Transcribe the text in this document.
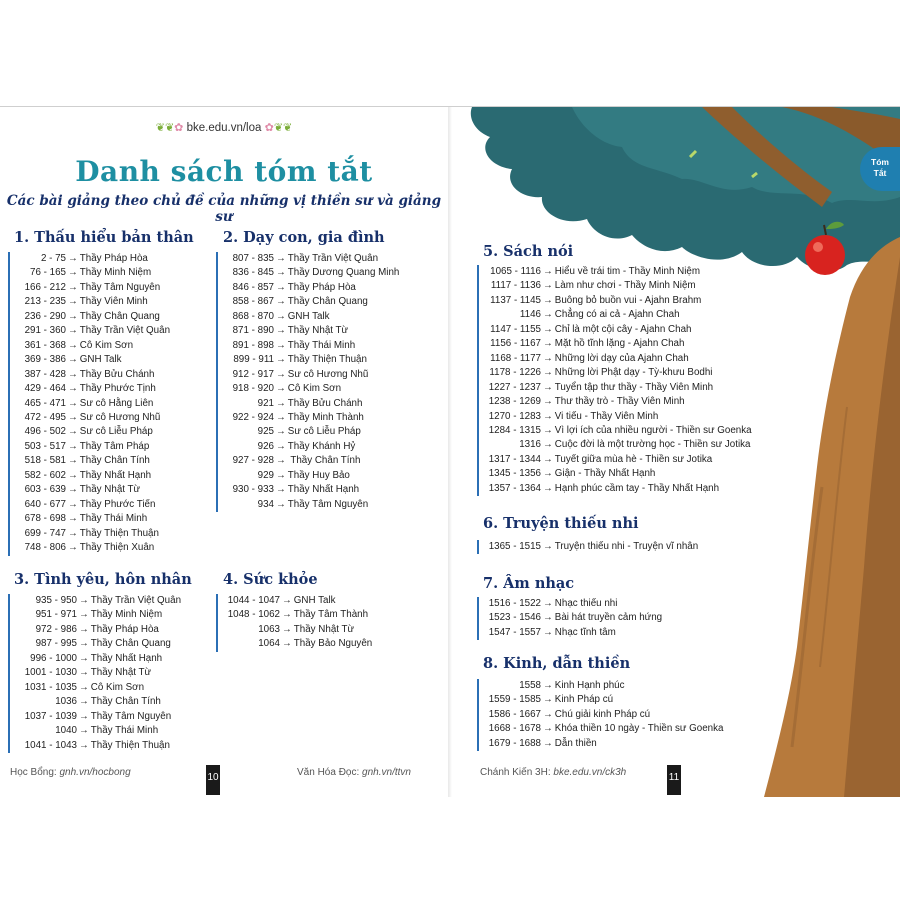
❦❦✿ bke.edu.vn/loa ✿❦❦
Danh sách tóm tắt
Các bài giảng theo chủ đề của những vị thiền sư và giảng sư
1. Thấu hiểu bản thân
2 - 75 → Thầy Pháp Hòa
76 - 165 → Thầy Minh Niệm
166 - 212 → Thầy Tâm Nguyên
213 - 235 → Thầy Viên Minh
236 - 290 → Thầy Chân Quang
291 - 360 → Thầy Trần Việt Quân
361 - 368 → Cô Kim Sơn
369 - 386 → GNH Talk
387 - 428 → Thầy Bửu Chánh
429 - 464 → Thầy Phước Tịnh
465 - 471 → Sư cô Hằng Liên
472 - 495 → Sư cô Hương Nhũ
496 - 502 → Sư cô Liễu Pháp
503 - 517 → Thầy Tâm Pháp
518 - 581 → Thầy Chân Tính
582 - 602 → Thầy Nhất Hạnh
603 - 639 → Thầy Nhật Từ
640 - 677 → Thầy Phước Tiến
678 - 698 → Thầy Thái Minh
699 - 747 → Thầy Thiện Thuận
748 - 806 → Thầy Thiện Xuân
2. Dạy con, gia đình
807 - 835 → Thầy Trần Việt Quân
836 - 845 → Thầy Dương Quang Minh
846 - 857 → Thầy Pháp Hòa
858 - 867 → Thầy Chân Quang
868 - 870 → GNH Talk
871 - 890 → Thầy Nhật Từ
891 - 898 → Thầy Thái Minh
899 - 911 → Thầy Thiện Thuận
912 - 917 → Sư cô Hương Nhũ
918 - 920 → Cô Kim Sơn
921 → Thầy Bửu Chánh
922 - 924 → Thầy Minh Thành
925 → Sư cô Liễu Pháp
926 → Thầy Khánh Hỷ
927 - 928 → Thầy Chân Tính
929 → Thầy Huy Bảo
930 - 933 → Thầy Nhất Hạnh
934 → Thầy Tâm Nguyên
3. Tình yêu, hôn nhân
935 - 950 → Thầy Trần Việt Quân
951 - 971 → Thầy Minh Niệm
972 - 986 → Thầy Pháp Hòa
987 - 995 → Thầy Chân Quang
996 - 1000 → Thầy Nhất Hạnh
1001 - 1030 → Thầy Nhật Từ
1031 - 1035 → Cô Kim Sơn
1036 → Thầy Chân Tính
1037 - 1039 → Thầy Tâm Nguyên
1040 → Thầy Thái Minh
1041 - 1043 → Thầy Thiện Thuận
4. Sức khỏe
1044 - 1047 → GNH Talk
1048 - 1062 → Thầy Tâm Thành
1063 → Thầy Nhật Từ
1064 → Thầy Bảo Nguyên
Học Bổng: gnh.vn/hocbong	10	Văn Hóa Đọc: gnh.vn/ttvn
Tóm
Tắt
5. Sách nói
1065 - 1116 → Hiểu về trái tim - Thầy Minh Niệm
1117 - 1136 → Làm như chơi - Thầy Minh Niệm
1137 - 1145 → Buông bỏ buồn vui - Ajahn Brahm
1146 → Chẳng có ai cả - Ajahn Chah
1147 - 1155 → Chỉ là một cội cây - Ajahn Chah
1156 - 1167 → Mặt hồ tĩnh lặng - Ajahn Chah
1168 - 1177 → Những lời dạy của Ajahn Chah
1178 - 1226 → Những lời Phật dạy - Tỳ-khưu Bodhi
1227 - 1237 → Tuyển tập thư thầy - Thầy Viên Minh
1238 - 1269 → Thư thầy trò - Thầy Viên Minh
1270 - 1283 → Vi tiếu - Thầy Viên Minh
1284 - 1315 → Vì lợi ích của nhiều người - Thiền sư Goenka
1316 → Cuộc đời là một trường học - Thiền sư Jotika
1317 - 1344 → Tuyết giữa mùa hè - Thiền sư Jotika
1345 - 1356 → Giận - Thầy Nhất Hạnh
1357 - 1364 → Hạnh phúc cầm tay - Thầy Nhất Hạnh
6. Truyện thiếu nhi
1365 - 1515 → Truyện thiếu nhi - Truyện vĩ nhân
7. Âm nhạc
1516 - 1522 → Nhạc thiếu nhi
1523 - 1546 → Bài hát truyền cảm hứng
1547 - 1557 → Nhạc tĩnh tâm
8. Kinh, dẫn thiền
1558 → Kinh Hạnh phúc
1559 - 1585 → Kinh Pháp cú
1586 - 1667 → Chú giải kinh Pháp cú
1668 - 1678 → Khóa thiền 10 ngày - Thiền sư Goenka
1679 - 1688 → Dẫn thiền
Chánh Kiến 3H: bke.edu.vn/ck3h	11
